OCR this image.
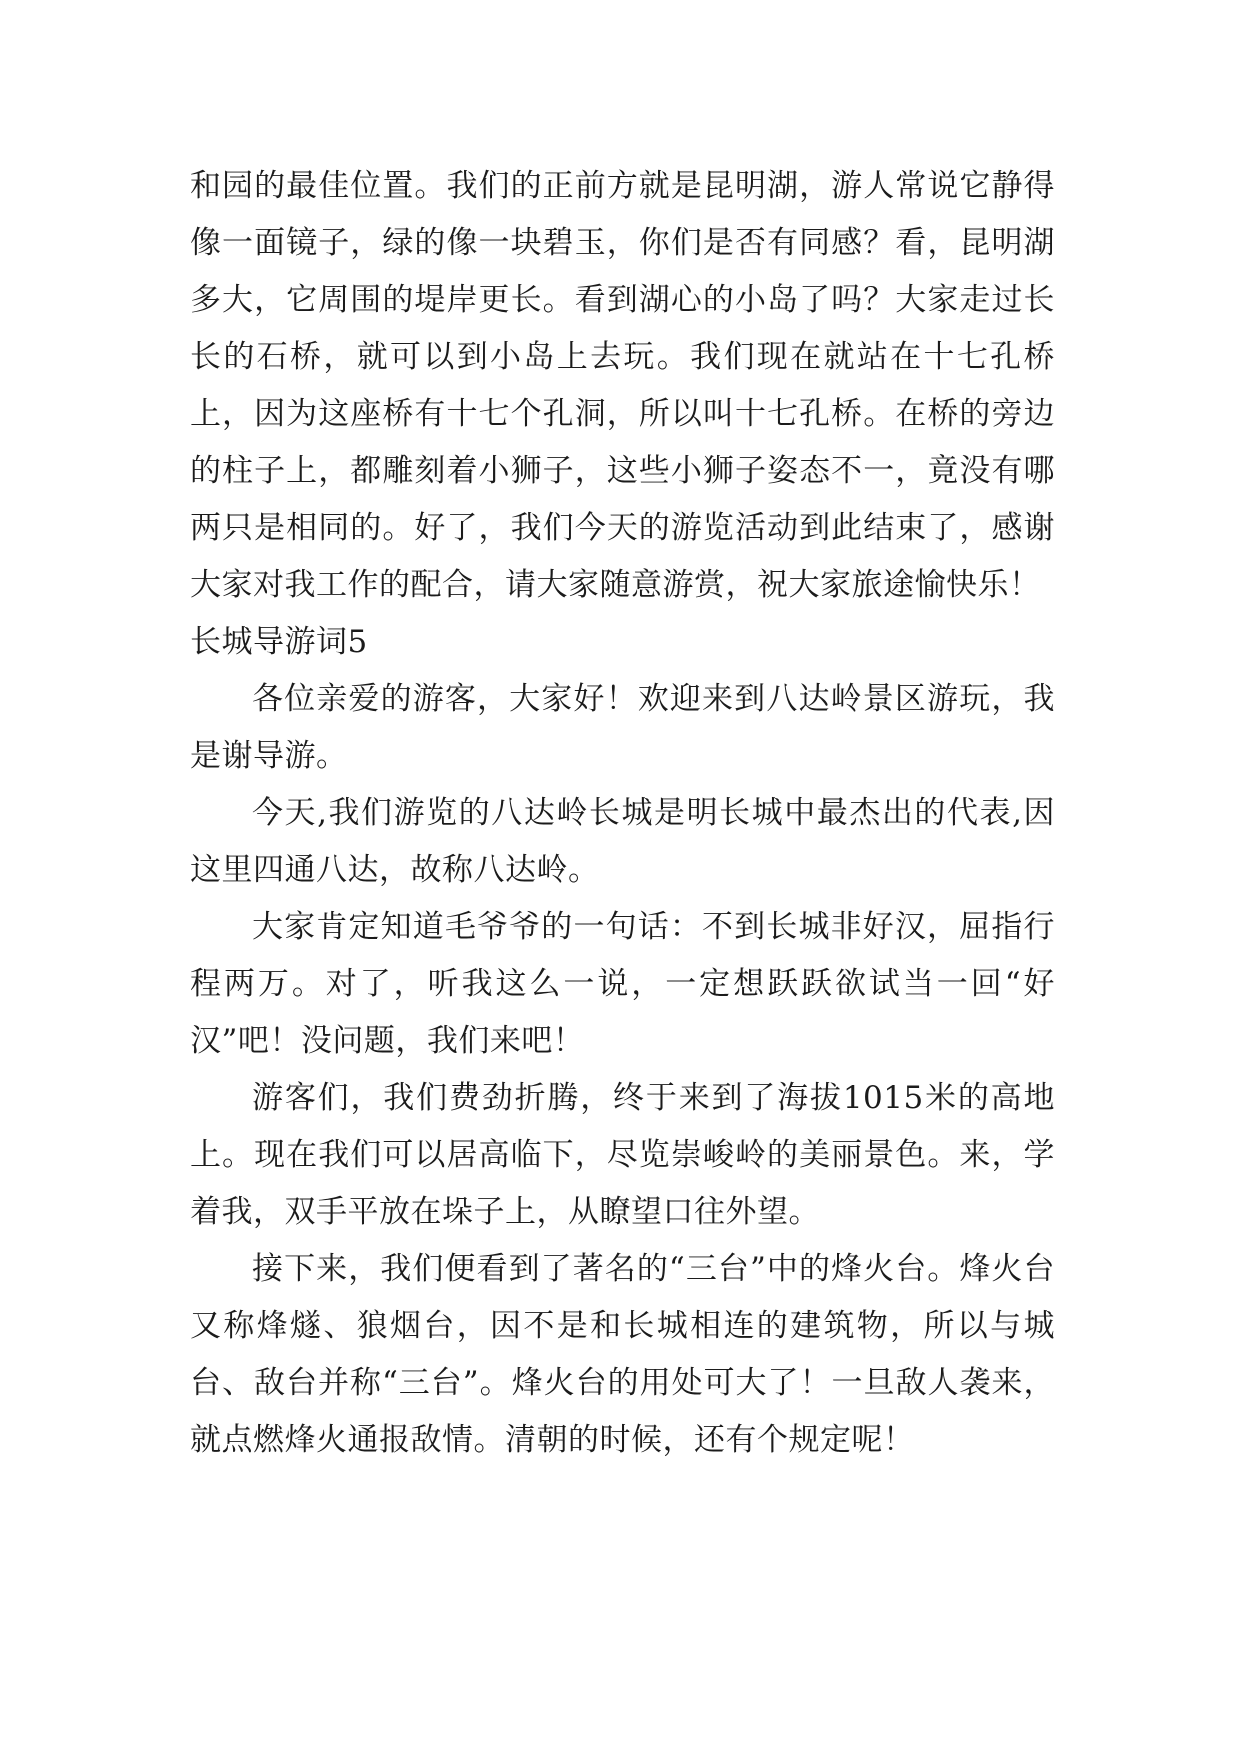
和园的最佳位置。我们的正前方就是昆明湖，游人常说它静得像一面镜子，绿的像一块碧玉，你们是否有同感？看，昆明湖多大，它周围的堤岸更长。看到湖心的小岛了吗？大家走过长长的石桥，就可以到小岛上去玩。我们现在就站在十七孔桥上，因为这座桥有十七个孔洞，所以叫十七孔桥。在桥的旁边的柱子上，都雕刻着小狮子，这些小狮子姿态不一，竟没有哪两只是相同的。好了，我们今天的游览活动到此结束了，感谢大家对我工作的配合，请大家随意游赏，祝大家旅途愉快乐！

长城导游词5

各位亲爱的游客，大家好！欢迎来到八达岭景区游玩，我是谢导游。

今天,我们游览的八达岭长城是明长城中最杰出的代表,因这里四通八达，故称八达岭。

大家肯定知道毛爷爷的一句话：不到长城非好汉，屈指行程两万。对了，听我这么一说，一定想跃跃欲试当一回“好汉”吧！没问题，我们来吧！

游客们，我们费劲折腾，终于来到了海拔1015米的高地上。现在我们可以居高临下，尽览崇峻岭的美丽景色。来，学着我，双手平放在垛子上，从瞭望口往外望。

接下来，我们便看到了著名的“三台”中的烽火台。烽火台又称烽燧、狼烟台，因不是和长城相连的建筑物，所以与城台、敌台并称“三台”。烽火台的用处可大了！一旦敌人袭来，就点燃烽火通报敌情。清朝的时候，还有个规定呢！
